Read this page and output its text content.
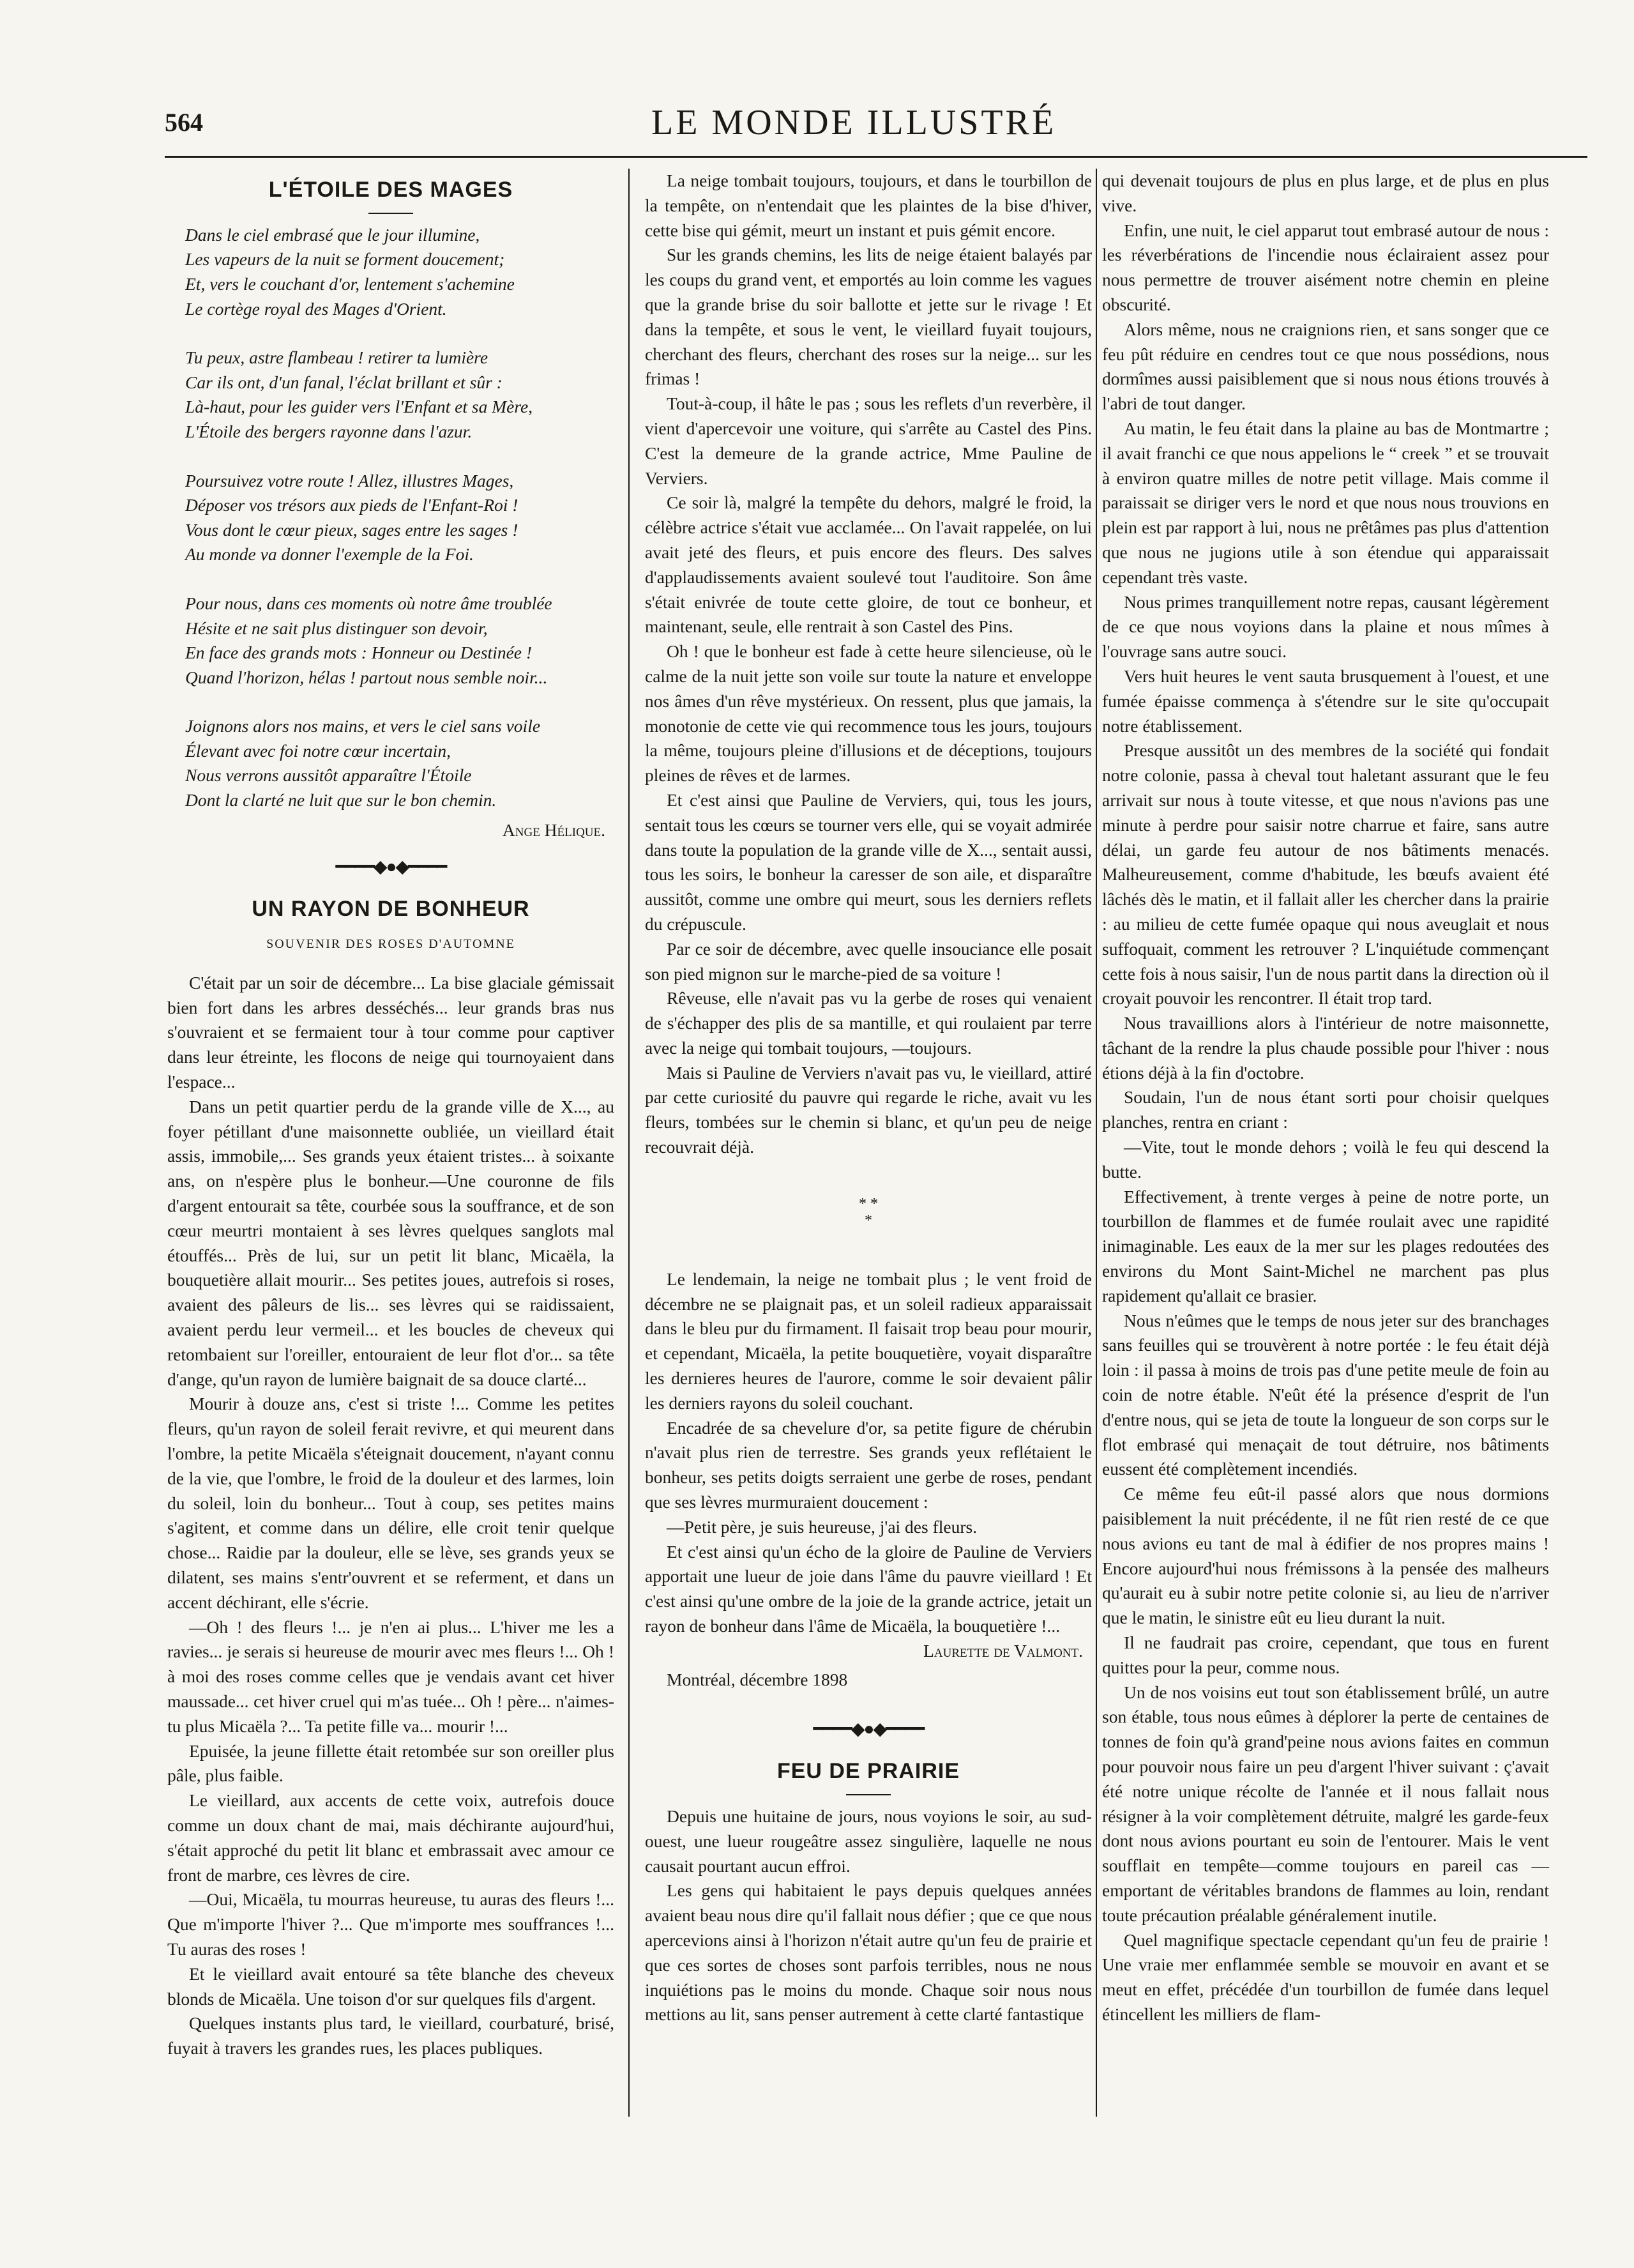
564	LE MONDE ILLUSTRÉ
L'ÉTOILE DES MAGES
Dans le ciel embrasé que le jour illumine,
Les vapeurs de la nuit se forment doucement;
Et, vers le couchant d'or, lentement s'achemine
Le cortège royal des Mages d'Orient.
Tu peux, astre flambeau ! retirer ta lumière
Car ils ont, d'un fanal, l'éclat brillant et sûr :
Là-haut, pour les guider vers l'Enfant et sa Mère,
L'Étoile des bergers rayonne dans l'azur.
Poursuivez votre route ! Allez, illustres Mages,
Déposer vos trésors aux pieds de l'Enfant-Roi !
Vous dont le cœur pieux, sages entre les sages !
Au monde va donner l'exemple de la Foi.
Pour nous, dans ces moments où notre âme troublée
Hésite et ne sait plus distinguer son devoir,
En face des grands mots : Honneur ou Destinée !
Quand l'horizon, hélas ! partout nous semble noir...
Joignons alors nos mains, et vers le ciel sans voile
Élevant avec foi notre cœur incertain,
Nous verrons aussitôt apparaître l'Étoile
Dont la clarté ne luit que sur le bon chemin.
Ange Hélique.
━━━━◆●◆━━━━
UN RAYON DE BONHEUR
SOUVENIR DES ROSES D'AUTOMNE

C'était par un soir de décembre... La bise glaciale gémissait bien fort dans les arbres desséchés... leur grands bras nus s'ouvraient et se fermaient tour à tour comme pour captiver dans leur étreinte, les flocons de neige qui tournoyaient dans l'espace...

Dans un petit quartier perdu de la grande ville de X..., au foyer pétillant d'une maisonnette oubliée, un vieillard était assis, immobile,... Ses grands yeux étaient tristes... à soixante ans, on n'espère plus le bonheur.—Une couronne de fils d'argent entourait sa tête, courbée sous la souffrance, et de son cœur meurtri montaient à ses lèvres quelques sanglots mal étouffés... Près de lui, sur un petit lit blanc, Micaëla, la bouquetière allait mourir... Ses petites joues, autrefois si roses, avaient des pâleurs de lis... ses lèvres qui se raidissaient, avaient perdu leur vermeil... et les boucles de cheveux qui retombaient sur l'oreiller, entouraient de leur flot d'or... sa tête d'ange, qu'un rayon de lumière baignait de sa douce clarté...

Mourir à douze ans, c'est si triste !... Comme les petites fleurs, qu'un rayon de soleil ferait revivre, et qui meurent dans l'ombre, la petite Micaëla s'éteignait doucement, n'ayant connu de la vie, que l'ombre, le froid de la douleur et des larmes, loin du soleil, loin du bonheur... Tout à coup, ses petites mains s'agitent, et comme dans un délire, elle croit tenir quelque chose... Raidie par la douleur, elle se lève, ses grands yeux se dilatent, ses mains s'entr'ouvrent et se referment, et dans un accent déchirant, elle s'écrie.

—Oh ! des fleurs !... je n'en ai plus... L'hiver me les a ravies... je serais si heureuse de mourir avec mes fleurs !... Oh ! à moi des roses comme celles que je vendais avant cet hiver maussade... cet hiver cruel qui m'as tuée... Oh ! père... n'aimes-tu plus Micaëla ?... Ta petite fille va... mourir !...

Epuisée, la jeune fillette était retombée sur son oreiller plus pâle, plus faible.

Le vieillard, aux accents de cette voix, autrefois douce comme un doux chant de mai, mais déchirante aujourd'hui, s'était approché du petit lit blanc et embrassait avec amour ce front de marbre, ces lèvres de cire.

—Oui, Micaëla, tu mourras heureuse, tu auras des fleurs !... Que m'importe l'hiver ?... Que m'importe mes souffrances !... Tu auras des roses !

Et le vieillard avait entouré sa tête blanche des cheveux blonds de Micaëla. Une toison d'or sur quelques fils d'argent.

Quelques instants plus tard, le vieillard, courbaturé, brisé, fuyait à travers les grandes rues, les places publiques.

La neige tombait toujours, toujours, et dans le tourbillon de la tempête, on n'entendait que les plaintes de la bise d'hiver, cette bise qui gémit, meurt un instant et puis gémit encore.

Sur les grands chemins, les lits de neige étaient balayés par les coups du grand vent, et emportés au loin comme les vagues que la grande brise du soir ballotte et jette sur le rivage ! Et dans la tempête, et sous le vent, le vieillard fuyait toujours, cherchant des fleurs, cherchant des roses sur la neige... sur les frimas !

Tout-à-coup, il hâte le pas ; sous les reflets d'un reverbère, il vient d'apercevoir une voiture, qui s'arrête au Castel des Pins. C'est la demeure de la grande actrice, Mme Pauline de Verviers.

Ce soir là, malgré la tempête du dehors, malgré le froid, la célèbre actrice s'était vue acclamée... On l'avait rappelée, on lui avait jeté des fleurs, et puis encore des fleurs. Des salves d'applaudissements avaient soulevé tout l'auditoire. Son âme s'était enivrée de toute cette gloire, de tout ce bonheur, et maintenant, seule, elle rentrait à son Castel des Pins.

Oh ! que le bonheur est fade à cette heure silencieuse, où le calme de la nuit jette son voile sur toute la nature et enveloppe nos âmes d'un rêve mystérieux. On ressent, plus que jamais, la monotonie de cette vie qui recommence tous les jours, toujours la même, toujours pleine d'illusions et de déceptions, toujours pleines de rêves et de larmes.

Et c'est ainsi que Pauline de Verviers, qui, tous les jours, sentait tous les cœurs se tourner vers elle, qui se voyait admirée dans toute la population de la grande ville de X..., sentait aussi, tous les soirs, le bonheur la caresser de son aile, et disparaître aussitôt, comme une ombre qui meurt, sous les derniers reflets du crépuscule.

Par ce soir de décembre, avec quelle insouciance elle posait son pied mignon sur le marche-pied de sa voiture !

Rêveuse, elle n'avait pas vu la gerbe de roses qui venaient de s'échapper des plis de sa mantille, et qui roulaient par terre avec la neige qui tombait toujours, —toujours.

Mais si Pauline de Verviers n'avait pas vu, le vieillard, attiré par cette curiosité du pauvre qui regarde le riche, avait vu les fleurs, tombées sur le chemin si blanc, et qu'un peu de neige recouvrait déjà.

* *
*

Le lendemain, la neige ne tombait plus ; le vent froid de décembre ne se plaignait pas, et un soleil radieux apparaissait dans le bleu pur du firmament. Il faisait trop beau pour mourir, et cependant, Micaëla, la petite bouquetière, voyait disparaître les dernieres heures de l'aurore, comme le soir devaient pâlir les derniers rayons du soleil couchant.

Encadrée de sa chevelure d'or, sa petite figure de chérubin n'avait plus rien de terrestre. Ses grands yeux reflétaient le bonheur, ses petits doigts serraient une gerbe de roses, pendant que ses lèvres murmuraient doucement :

—Petit père, je suis heureuse, j'ai des fleurs.

Et c'est ainsi qu'un écho de la gloire de Pauline de Verviers apportait une lueur de joie dans l'âme du pauvre vieillard ! Et c'est ainsi qu'une ombre de la joie de la grande actrice, jetait un rayon de bonheur dans l'âme de Micaëla, la bouquetière !...

Laurette de Valmont.

Montréal, décembre 1898

━━━━◆●◆━━━━
FEU DE PRAIRIE

Depuis une huitaine de jours, nous voyions le soir, au sud-ouest, une lueur rougeâtre assez singulière, laquelle ne nous causait pourtant aucun effroi.

Les gens qui habitaient le pays depuis quelques années avaient beau nous dire qu'il fallait nous défier ; que ce que nous apercevions ainsi à l'horizon n'était autre qu'un feu de prairie et que ces sortes de choses sont parfois terribles, nous ne nous inquiétions pas le moins du monde. Chaque soir nous nous mettions au lit, sans penser autrement à cette clarté fantastique

qui devenait toujours de plus en plus large, et de plus en plus vive.

Enfin, une nuit, le ciel apparut tout embrasé autour de nous : les réverbérations de l'incendie nous éclairaient assez pour nous permettre de trouver aisément notre chemin en pleine obscurité.

Alors même, nous ne craignions rien, et sans songer que ce feu pût réduire en cendres tout ce que nous possédions, nous dormîmes aussi paisiblement que si nous nous étions trouvés à l'abri de tout danger.

Au matin, le feu était dans la plaine au bas de Montmartre ; il avait franchi ce que nous appelions le “ creek ” et se trouvait à environ quatre milles de notre petit village. Mais comme il paraissait se diriger vers le nord et que nous nous trouvions en plein est par rapport à lui, nous ne prêtâmes pas plus d'attention que nous ne jugions utile à son étendue qui apparaissait cependant très vaste.

Nous primes tranquillement notre repas, causant légèrement de ce que nous voyions dans la plaine et nous mîmes à l'ouvrage sans autre souci.

Vers huit heures le vent sauta brusquement à l'ouest, et une fumée épaisse commença à s'étendre sur le site qu'occupait notre établissement.

Presque aussitôt un des membres de la société qui fondait notre colonie, passa à cheval tout haletant assurant que le feu arrivait sur nous à toute vitesse, et que nous n'avions pas une minute à perdre pour saisir notre charrue et faire, sans autre délai, un garde feu autour de nos bâtiments menacés. Malheureusement, comme d'habitude, les bœufs avaient été lâchés dès le matin, et il fallait aller les chercher dans la prairie : au milieu de cette fumée opaque qui nous aveuglait et nous suffoquait, comment les retrouver ? L'inquiétude commençant cette fois à nous saisir, l'un de nous partit dans la direction où il croyait pouvoir les rencontrer. Il était trop tard.

Nous travaillions alors à l'intérieur de notre maisonnette, tâchant de la rendre la plus chaude possible pour l'hiver : nous étions déjà à la fin d'octobre.

Soudain, l'un de nous étant sorti pour choisir quelques planches, rentra en criant :

—Vite, tout le monde dehors ; voilà le feu qui descend la butte.

Effectivement, à trente verges à peine de notre porte, un tourbillon de flammes et de fumée roulait avec une rapidité inimaginable. Les eaux de la mer sur les plages redoutées des environs du Mont Saint-Michel ne marchent pas plus rapidement qu'allait ce brasier.

Nous n'eûmes que le temps de nous jeter sur des branchages sans feuilles qui se trouvèrent à notre portée : le feu était déjà loin : il passa à moins de trois pas d'une petite meule de foin au coin de notre étable. N'eût été la présence d'esprit de l'un d'entre nous, qui se jeta de toute la longueur de son corps sur le flot embrasé qui menaçait de tout détruire, nos bâtiments eussent été complètement incendiés.

Ce même feu eût-il passé alors que nous dormions paisiblement la nuit précédente, il ne fût rien resté de ce que nous avions eu tant de mal à édifier de nos propres mains ! Encore aujourd'hui nous frémissons à la pensée des malheurs qu'aurait eu à subir notre petite colonie si, au lieu de n'arriver que le matin, le sinistre eût eu lieu durant la nuit.

Il ne faudrait pas croire, cependant, que tous en furent quittes pour la peur, comme nous.

Un de nos voisins eut tout son établissement brûlé, un autre son étable, tous nous eûmes à déplorer la perte de centaines de tonnes de foin qu'à grand'peine nous avions faites en commun pour pouvoir nous faire un peu d'argent l'hiver suivant : ç'avait été notre unique récolte de l'année et il nous fallait nous résigner à la voir complètement détruite, malgré les garde-feux dont nous avions pourtant eu soin de l'entourer. Mais le vent soufflait en tempête—comme toujours en pareil cas — emportant de véritables brandons de flammes au loin, rendant toute précaution préalable généralement inutile.

Quel magnifique spectacle cependant qu'un feu de prairie ! Une vraie mer enflammée semble se mouvoir en avant et se meut en effet, précédée d'un tourbillon de fumée dans lequel étincellent les milliers de flam-
